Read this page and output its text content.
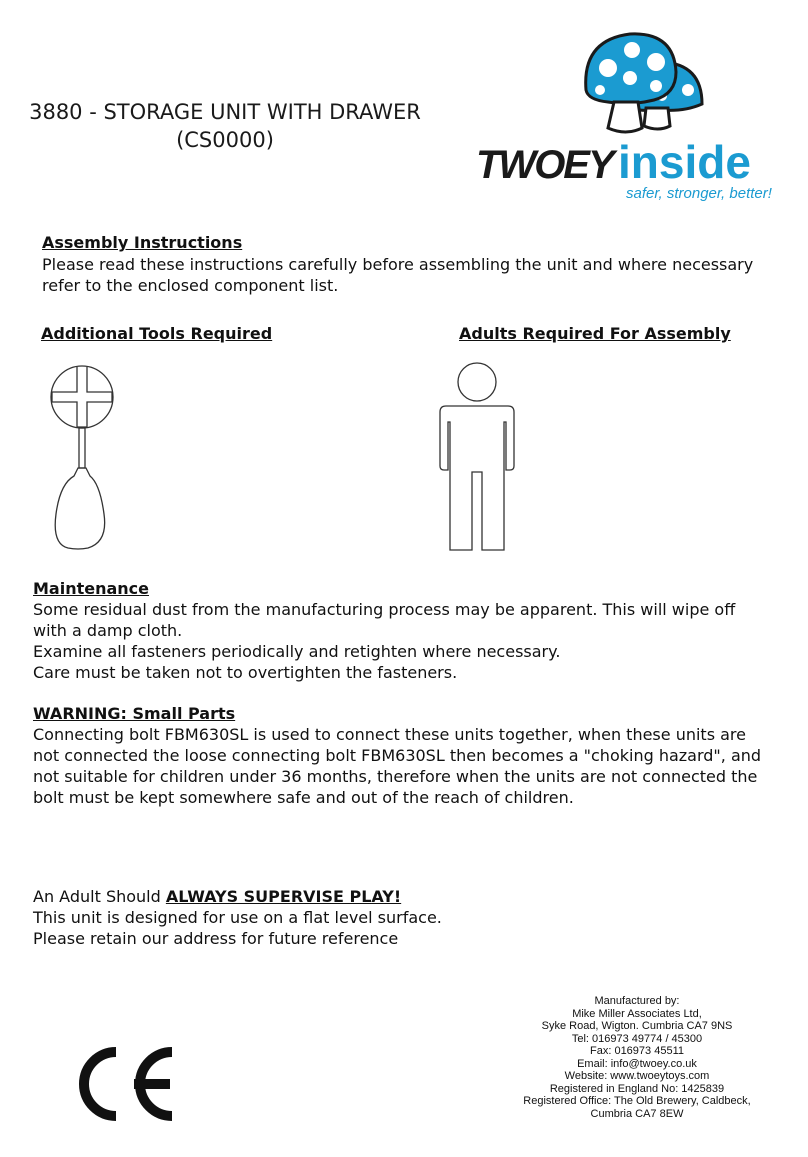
3880 - STORAGE UNIT WITH DRAWER
(CS0000)
TWOEY inside
safer, stronger, better!
Assembly Instructions

Please read these instructions carefully before assembling the unit and where necessary

refer to the enclosed component list.

Additional Tools Required	Adults Required For Assembly
Maintenance

Some residual dust from the manufacturing process may be apparent. This will wipe off

with a damp cloth.

Examine all fasteners periodically and retighten where necessary.

Care must be taken not to overtighten the fasteners.

WARNING: Small Parts

Connecting bolt FBM630SL is used to connect these units together, when these units are

not connected the loose connecting bolt FBM630SL then becomes a "choking hazard", and

not suitable for children under 36 months, therefore when the units are not connected the

bolt must be kept somewhere safe and out of the reach of children.

An Adult Should ALWAYS SUPERVISE PLAY!

This unit is designed for use on a flat level surface.

Please retain our address for future reference

Manufactured by:
Mike Miller Associates Ltd,
Syke Road, Wigton. Cumbria CA7 9NS
Tel: 016973 49774 / 45300
Fax: 016973 45511
Email: info@twoey.co.uk
Website: www.twoeytoys.com
Registered in England No: 1425839
Registered Office: The Old Brewery, Caldbeck,
Cumbria CA7 8EW
